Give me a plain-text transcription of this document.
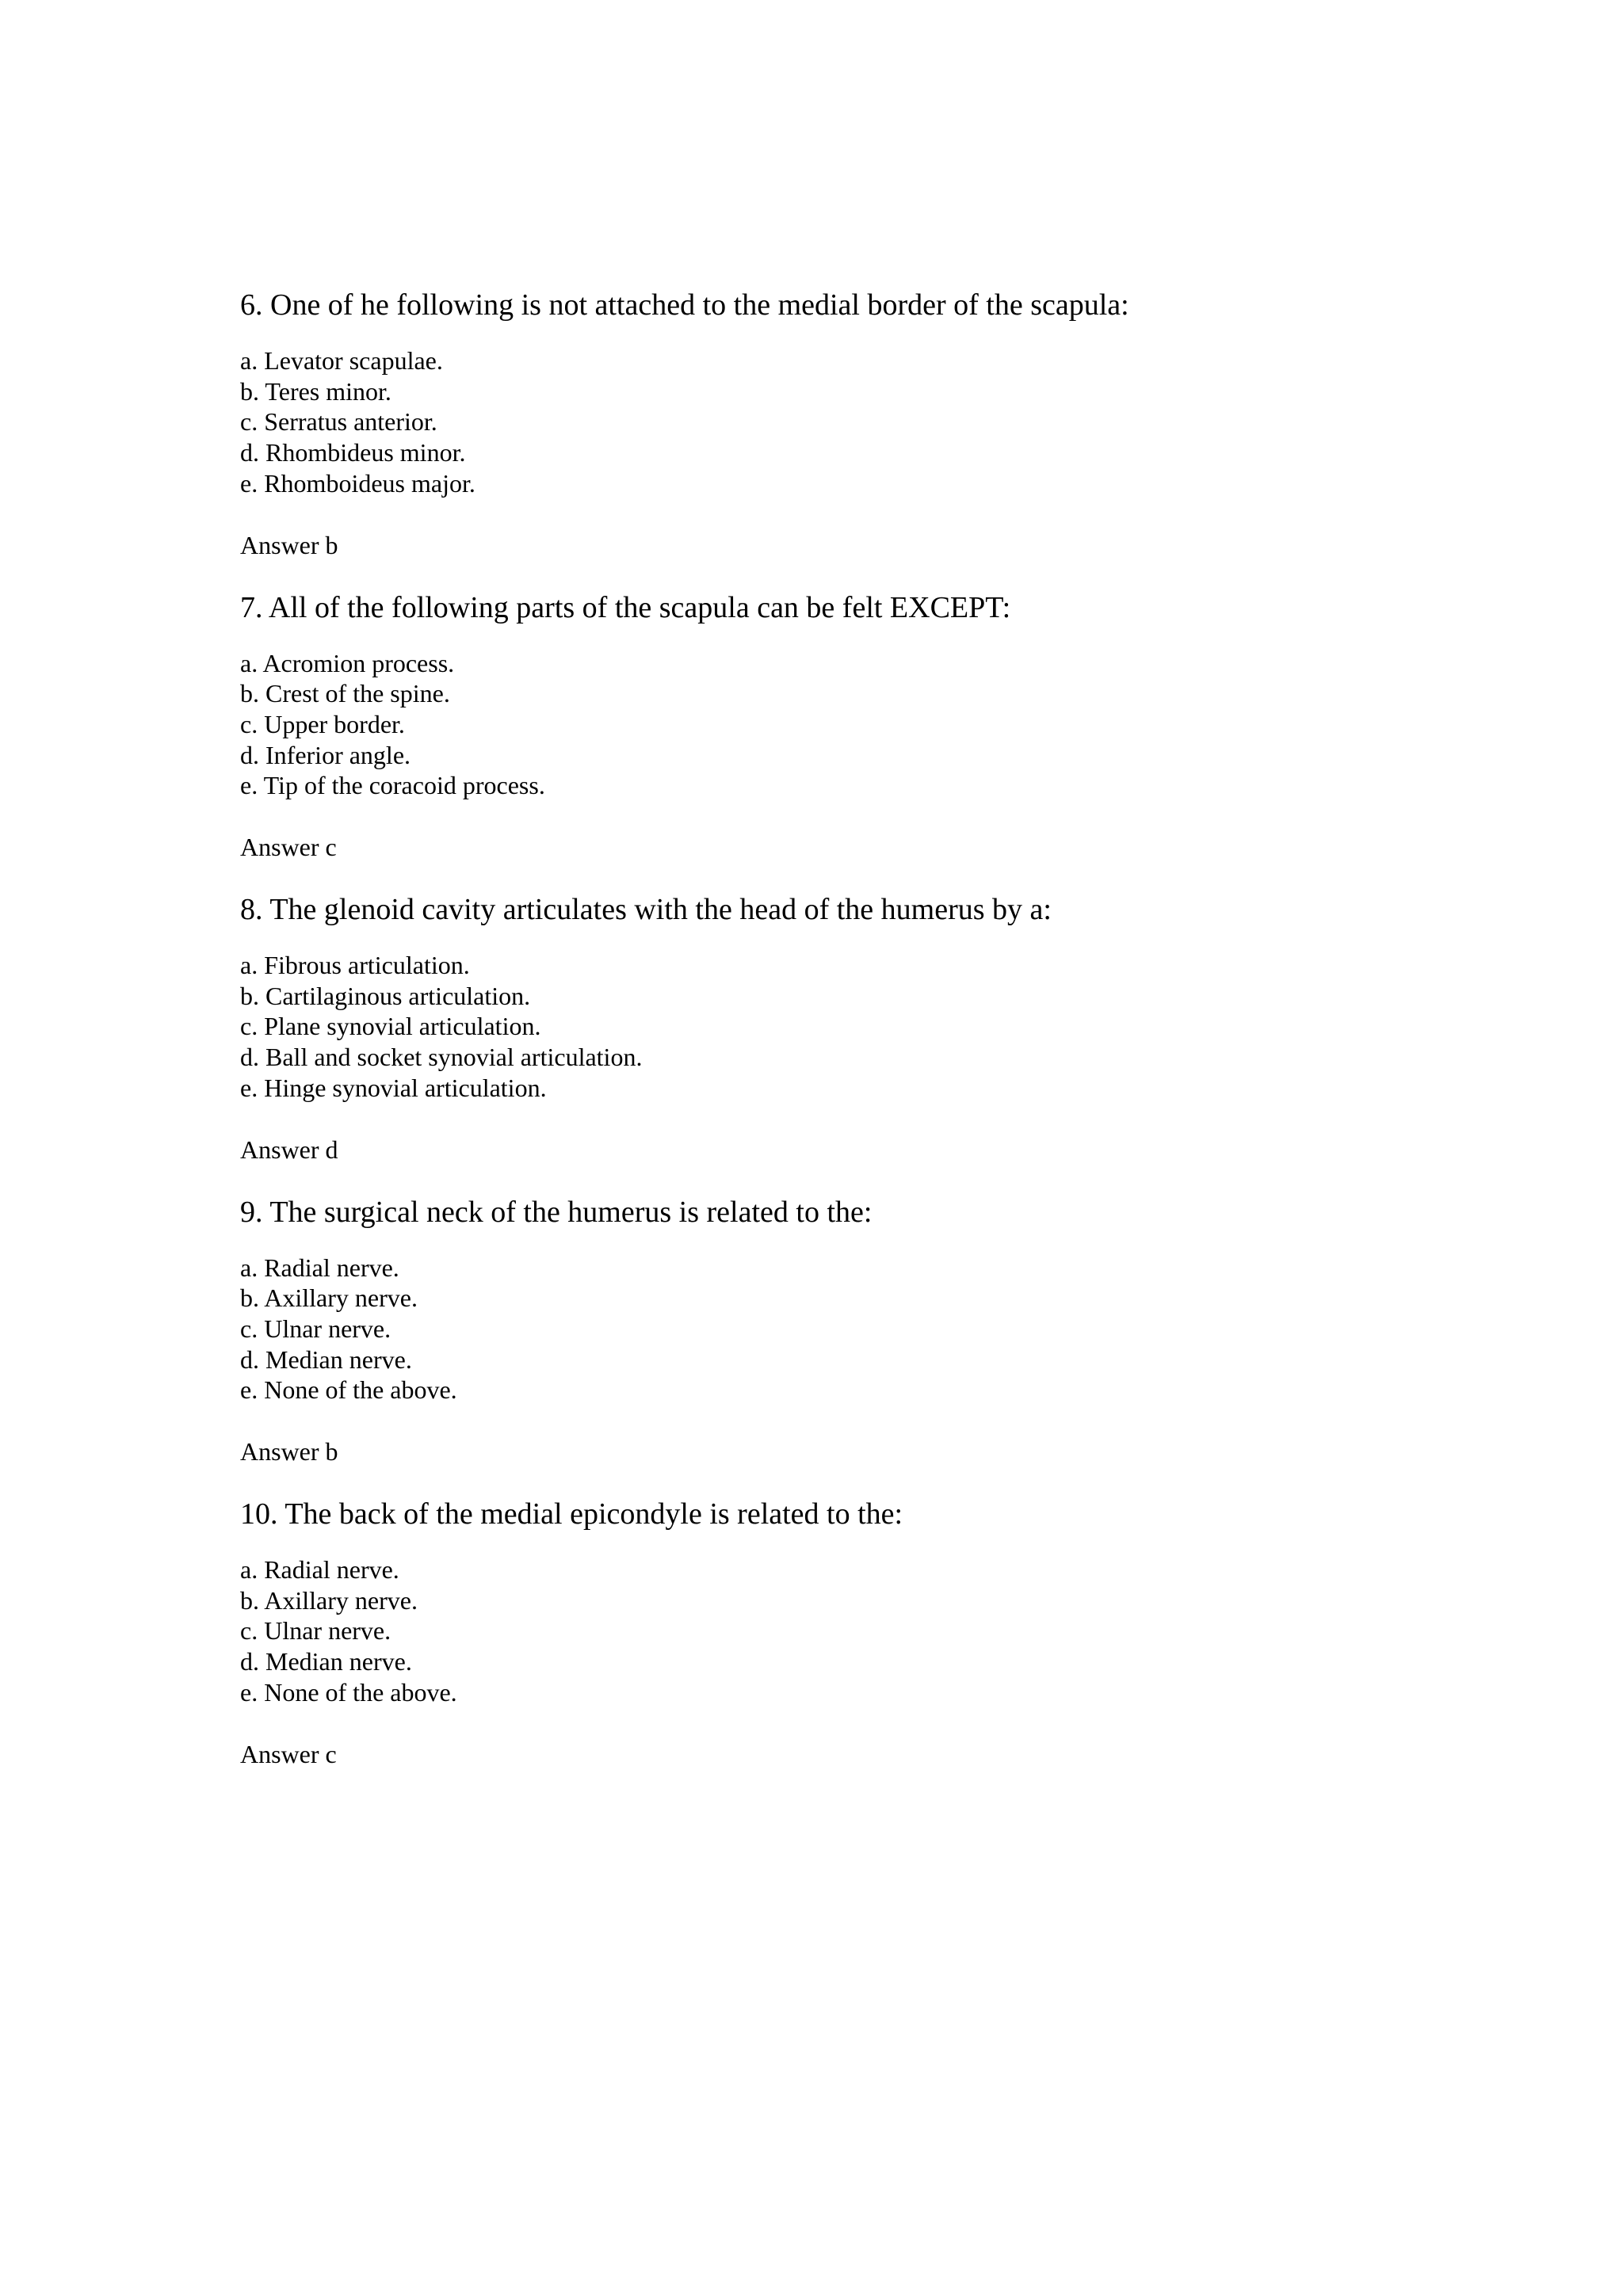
6. One of he following is not attached to the medial border of the scapula:

a. Levator scapulae.
b. Teres minor.
c. Serratus anterior.
d. Rhombideus minor.
e. Rhomboideus major.

Answer b

7. All of the following parts of the scapula can be felt EXCEPT:

a. Acromion process.
b. Crest of the spine.
c. Upper border.
d. Inferior angle.
e. Tip of the coracoid process.

Answer c

8. The glenoid cavity articulates with the head of the humerus by a:

a. Fibrous articulation.
b. Cartilaginous articulation.
c. Plane synovial articulation.
d. Ball and socket synovial articulation.
e. Hinge synovial articulation.

Answer d

9. The surgical neck of the humerus is related to the:

a. Radial nerve.
b. Axillary nerve.
c. Ulnar nerve.
d. Median nerve.
e. None of the above.

Answer b

10. The back of the medial epicondyle is related to the:

a. Radial nerve.
b. Axillary nerve.
c. Ulnar nerve.
d. Median nerve.
e. None of the above.

Answer c
